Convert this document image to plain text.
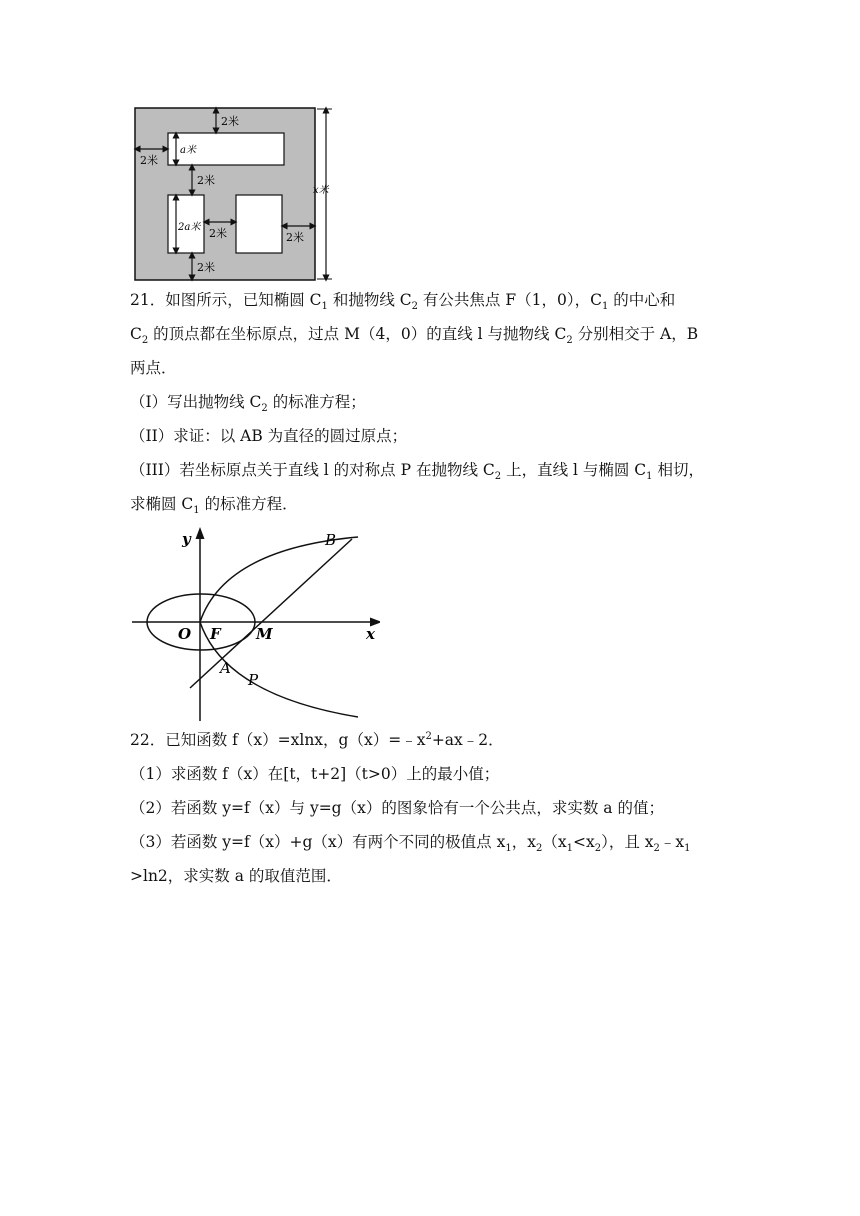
2米
2米
a米
2米
2a米 2米	2米
2米
x米
21．如图所示，已知椭圆 $C_1$ 和抛物线 $C_2$ 有公共焦点 F（1，0），$C_1$ 的中心和
$C_2$ 的顶点都在坐标原点，过点 M（4，0）的直线 l 与抛物线 $C_2$ 分别相交于 A，B
两点．
（I）写出抛物线 $C_2$ 的标准方程；
（II）求证：以 AB 为直径的圆过原点；
（III）若坐标原点关于直线 l 的对称点 P 在抛物线 $C_2$ 上，直线 l 与椭圆 $C_1$ 相切，
求椭圆 $C_1$ 的标准方程．
y
x
B
O F M
A
P
22．已知函数 f（x）=xlnx，$g(x)=﹣x^2+ax﹣2$．
（1）求函数 f（x）在[t，t+2]（t>0）上的最小值；
（2）若函数 y=f（x）与 y=g（x）的图象恰有一个公共点，求实数 a 的值；
（3）若函数 y=f（x）+g（x）有两个不同的极值点 $x_1$，$x_2(x_1<x_2)$，且 $x_2﹣x_1$
>ln2，求实数 a 的取值范围．
